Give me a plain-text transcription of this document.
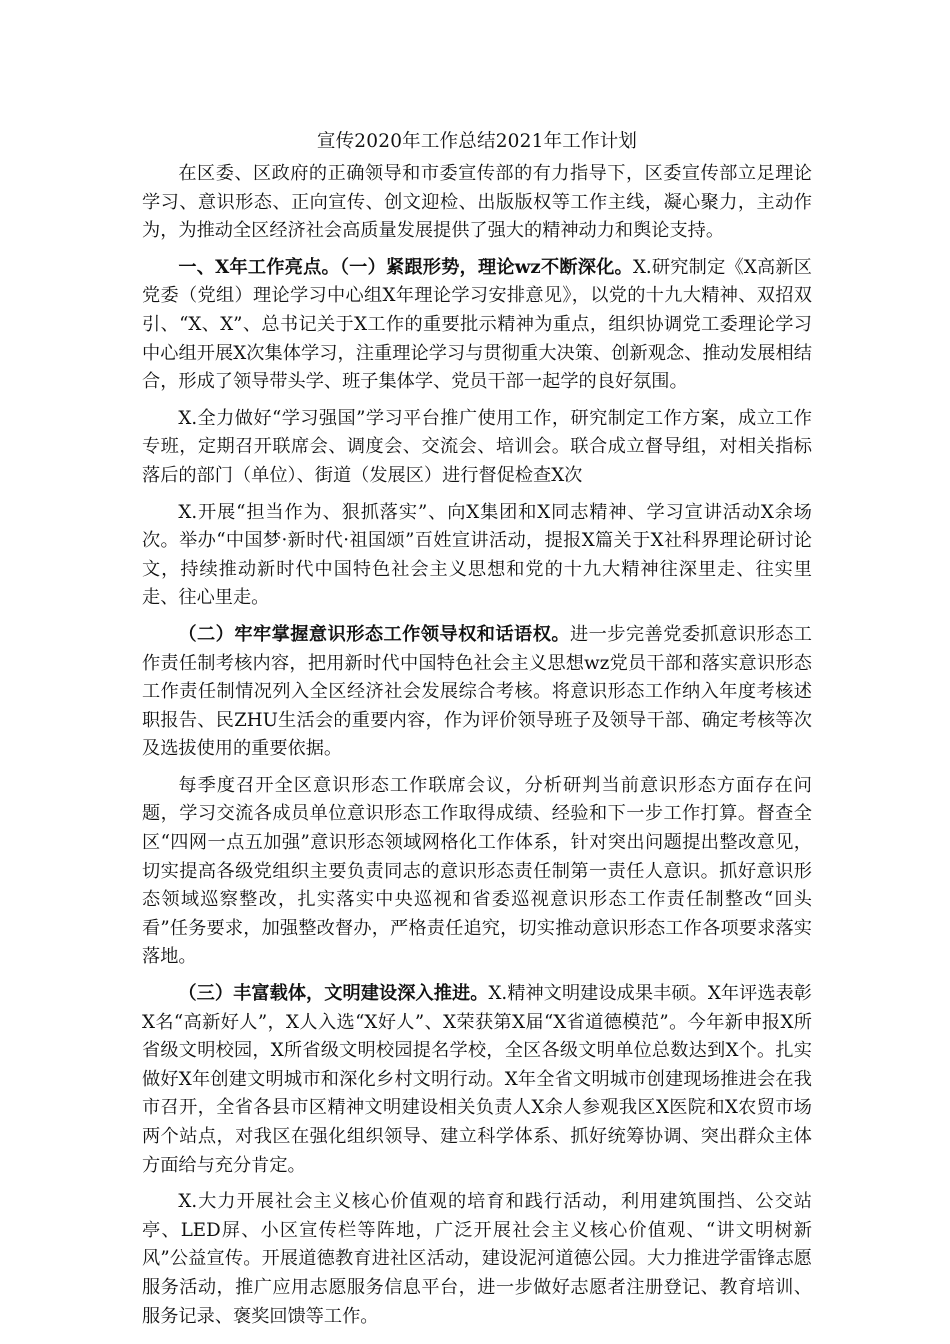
宣传2020年工作总结2021年工作计划

在区委、区政府的正确领导和市委宣传部的有力指导下，区委宣传部立足理论学习、意识形态、正向宣传、创文迎检、出版版权等工作主线，凝心聚力，主动作为，为推动全区经济社会高质量发展提供了强大的精神动力和舆论支持。

一、X年工作亮点。（一）紧跟形势，理论wz不断深化。X.研究制定《X高新区党委（党组）理论学习中心组X年理论学习安排意见》，以党的十九大精神、双招双引、“X、X”、总书记关于X工作的重要批示精神为重点，组织协调党工委理论学习中心组开展X次集体学习，注重理论学习与贯彻重大决策、创新观念、推动发展相结合，形成了领导带头学、班子集体学、党员干部一起学的良好氛围。

X.全力做好“学习强国”学习平台推广使用工作，研究制定工作方案，成立工作专班，定期召开联席会、调度会、交流会、培训会。联合成立督导组，对相关指标落后的部门（单位）、街道（发展区）进行督促检查X次

X.开展“担当作为、狠抓落实”、向X集团和X同志精神、学习宣讲活动X余场次。举办“中国梦·新时代·祖国颂”百姓宣讲活动，提报X篇关于X社科界理论研讨论文，持续推动新时代中国特色社会主义思想和党的十九大精神往深里走、往实里走、往心里走。

（二）牢牢掌握意识形态工作领导权和话语权。进一步完善党委抓意识形态工作责任制考核内容，把用新时代中国特色社会主义思想wz党员干部和落实意识形态工作责任制情况列入全区经济社会发展综合考核。将意识形态工作纳入年度考核述职报告、民ZHU生活会的重要内容，作为评价领导班子及领导干部、确定考核等次及选拔使用的重要依据。

每季度召开全区意识形态工作联席会议，分析研判当前意识形态方面存在问题，学习交流各成员单位意识形态工作取得成绩、经验和下一步工作打算。督查全区“四网一点五加强”意识形态领域网格化工作体系，针对突出问题提出整改意见，切实提高各级党组织主要负责同志的意识形态责任制第一责任人意识。抓好意识形态领域巡察整改，扎实落实中央巡视和省委巡视意识形态工作责任制整改“回头看”任务要求，加强整改督办，严格责任追究，切实推动意识形态工作各项要求落实落地。

（三）丰富载体，文明建设深入推进。X.精神文明建设成果丰硕。X年评选表彰X名“高新好人”，X人入选“X好人”、X荣获第X届“X省道德模范”。今年新申报X所省级文明校园，X所省级文明校园提名学校，全区各级文明单位总数达到X个。扎实做好X年创建文明城市和深化乡村文明行动。X年全省文明城市创建现场推进会在我市召开，全省各县市区精神文明建设相关负责人X余人参观我区X医院和X农贸市场两个站点，对我区在强化组织领导、建立科学体系、抓好统筹协调、突出群众主体方面给与充分肯定。

X.大力开展社会主义核心价值观的培育和践行活动，利用建筑围挡、公交站亭、LED屏、小区宣传栏等阵地，广泛开展社会主义核心价值观、“讲文明树新风”公益宣传。开展道德教育进社区活动，建设泥河道德公园。大力推进学雷锋志愿服务活动，推广应用志愿服务信息平台，进一步做好志愿者注册登记、教育培训、服务记录、褒奖回馈等工作。
